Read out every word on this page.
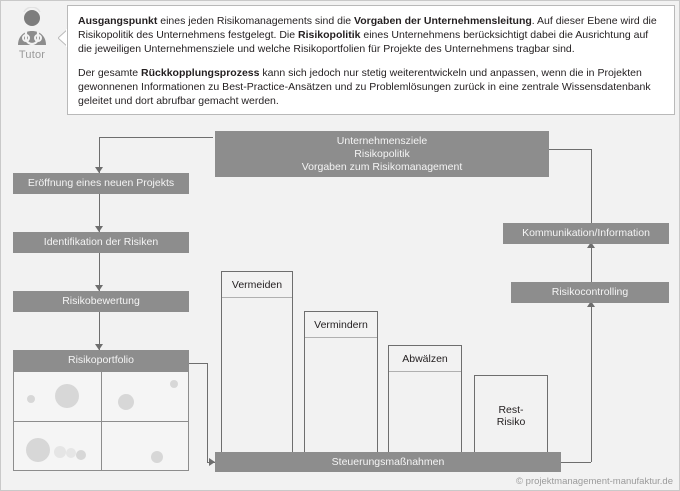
Tutor

Ausgangspunkt eines jeden Risikomanagements sind die Vorgaben der Unternehmensleitung. Auf dieser Ebene wird die Risikopolitik des Unternehmens festgelegt. Die Risikopolitik eines Unternehmens berücksichtigt dabei die Ausrichtung auf die jeweiligen Unternehmensziele und welche Risikoportfolien für Projekte des Unternehmens tragbar sind.

Der gesamte Rückkopplungsprozess kann sich jedoch nur stetig weiterentwickeln und anpassen, wenn die in Projekten gewonnenen Informationen zu Best-Practice-Ansätzen und zu Problemlösungen zurück in eine zentrale Wissensdatenbank geleitet und dort abrufbar gemacht werden.

Unternehmensziele
Risikopolitik
Vorgaben zum Risikomanagement
Eröffnung eines neuen Projekts
Identifikation der Risiken
Risikobewertung
Risikoportfolio
Kommunikation/Information
Risikocontrolling
Vermeiden
Vermindern
Abwälzen
Rest-
Risiko
Steuerungsmaßnahmen
© projektmanagement-manufaktur.de
